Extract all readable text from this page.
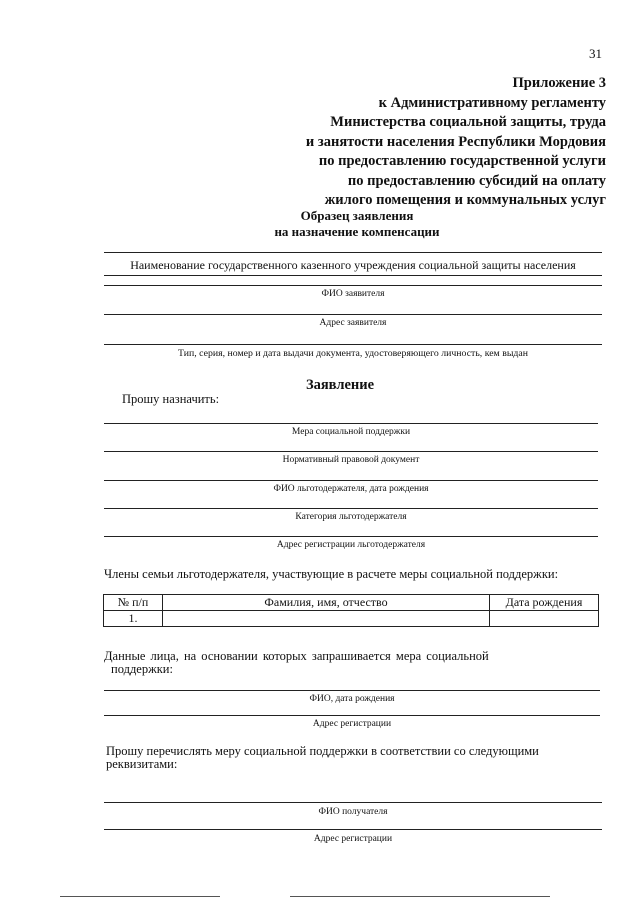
31
Приложение 3
к Административному регламенту
Министерства социальной защиты, труда
и занятости населения Республики Мордовия
по предоставлению государственной услуги
по предоставлению субсидий на оплату
жилого помещения и коммунальных услуг
Образец заявления
на назначение компенсации
Наименование государственного казенного учреждения социальной защиты населения
ФИО заявителя
Адрес заявителя
Тип, серия, номер и дата выдачи документа, удостоверяющего личность, кем выдан
Заявление
Прошу назначить:
Мера социальной поддержки
Нормативный правовой документ
ФИО льготодержателя, дата рождения
Категория льготодержателя
Адрес регистрации льготодержателя
Члены семьи льготодержателя, участвующие в расчете меры социальной поддержки:
№ п/п	Фамилия, имя, отчество	Дата рождения
1.		
Данные лица, на основании которых запрашивается мера социальной
поддержки:
ФИО, дата рождения
Адрес регистрации
Прошу перечислять меру социальной поддержки в соответствии со следующими
реквизитами:
ФИО получателя
Адрес регистрации
